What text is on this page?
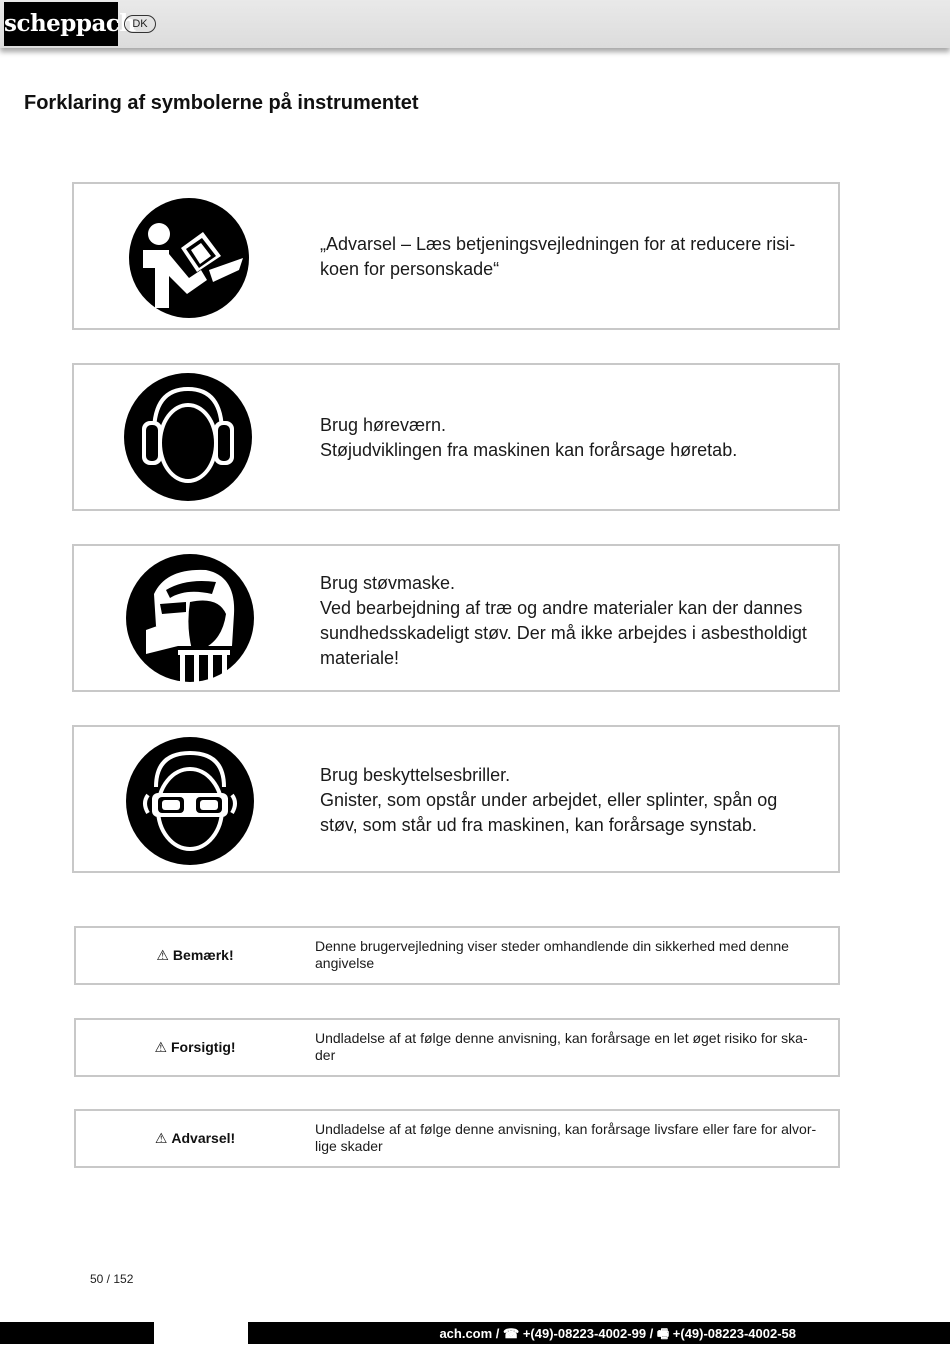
scheppach
DK
Forklaring af symbolerne på instrumentet
„Advarsel – Læs betjeningsvejledningen for at reducere risi-
koen for personskade“
Brug høreværn.
Støjudviklingen fra maskinen kan forårsage høretab.
Brug støvmaske.
Ved bearbejdning af træ og andre materialer kan der dannes
sundhedsskadeligt støv. Der må ikke arbejdes i asbestholdigt
materiale!
Brug beskyttelsesbriller.
Gnister, som opstår under arbejdet, eller splinter, spån og
støv, som står ud fra maskinen, kan forårsage synstab.
⚠ Bemærk!
Denne brugervejledning viser steder omhandlende din sikkerhed med denne
angivelse
⚠ Forsigtig!
Undladelse af at følge denne anvisning, kan forårsage en let øget risiko for ska-
der
⚠ Advarsel!
Undladelse af at følge denne anvisning, kan forårsage livsfare eller fare for alvor-
lige skader
50 / 152
ach.com / ☎ +(49)-08223-4002-99 / 🖷 +(49)-08223-4002-58
